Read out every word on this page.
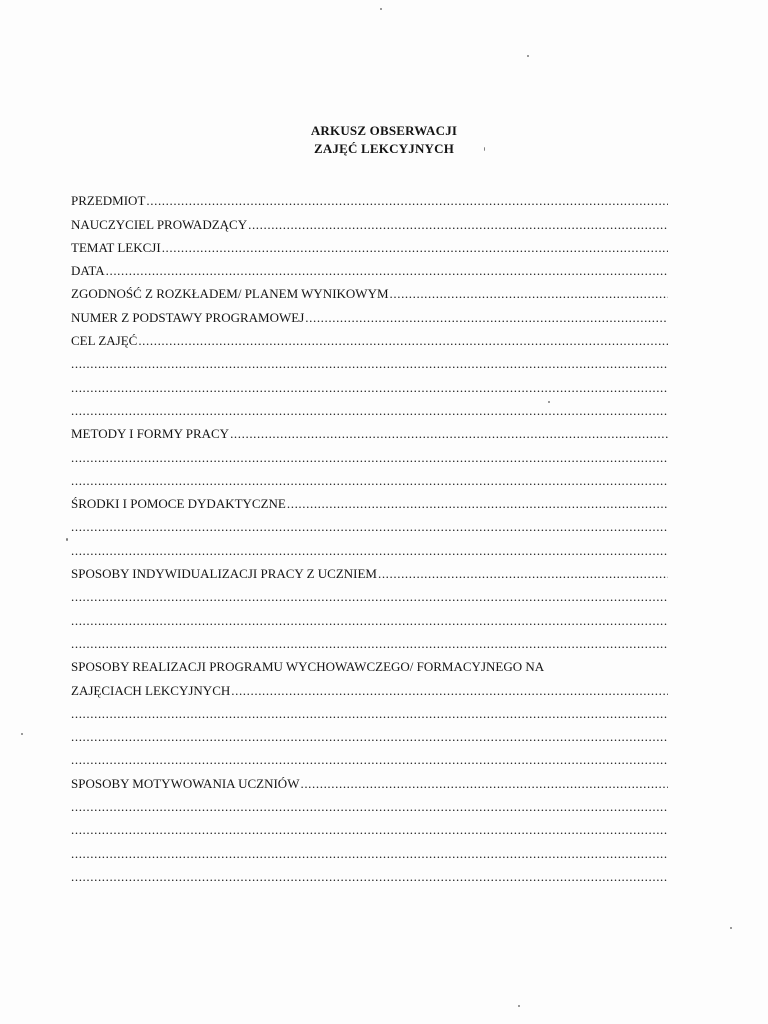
ARKUSZ OBSERWACJI
ZAJĘĆ LEKCYJNYCH
PRZEDMIOT
.....
NAUCZYCIEL PROWADZĄCY
.....
TEMAT LEKCJI
.....
DATA
.....
ZGODNOŚĆ Z ROZKŁADEM/ PLANEM WYNIKOWYM
.....
NUMER Z PODSTAWY PROGRAMOWEJ
.....
CEL ZAJĘĆ
.....
.....
.....
.....
METODY I FORMY PRACY
.....
.....
.....
ŚRODKI I POMOCE DYDAKTYCZNE
.....
.....
.....
SPOSOBY INDYWIDUALIZACJI PRACY Z UCZNIEM
.....
.....
.....
.....
SPOSOBY REALIZACJI PROGRAMU WYCHOWAWCZEGO/ FORMACYJNEGO NA
ZAJĘCIACH LEKCYJNYCH
.....
.....
.....
.....
SPOSOBY MOTYWOWANIA UCZNIÓW
.....
.....
.....
.....
.....
